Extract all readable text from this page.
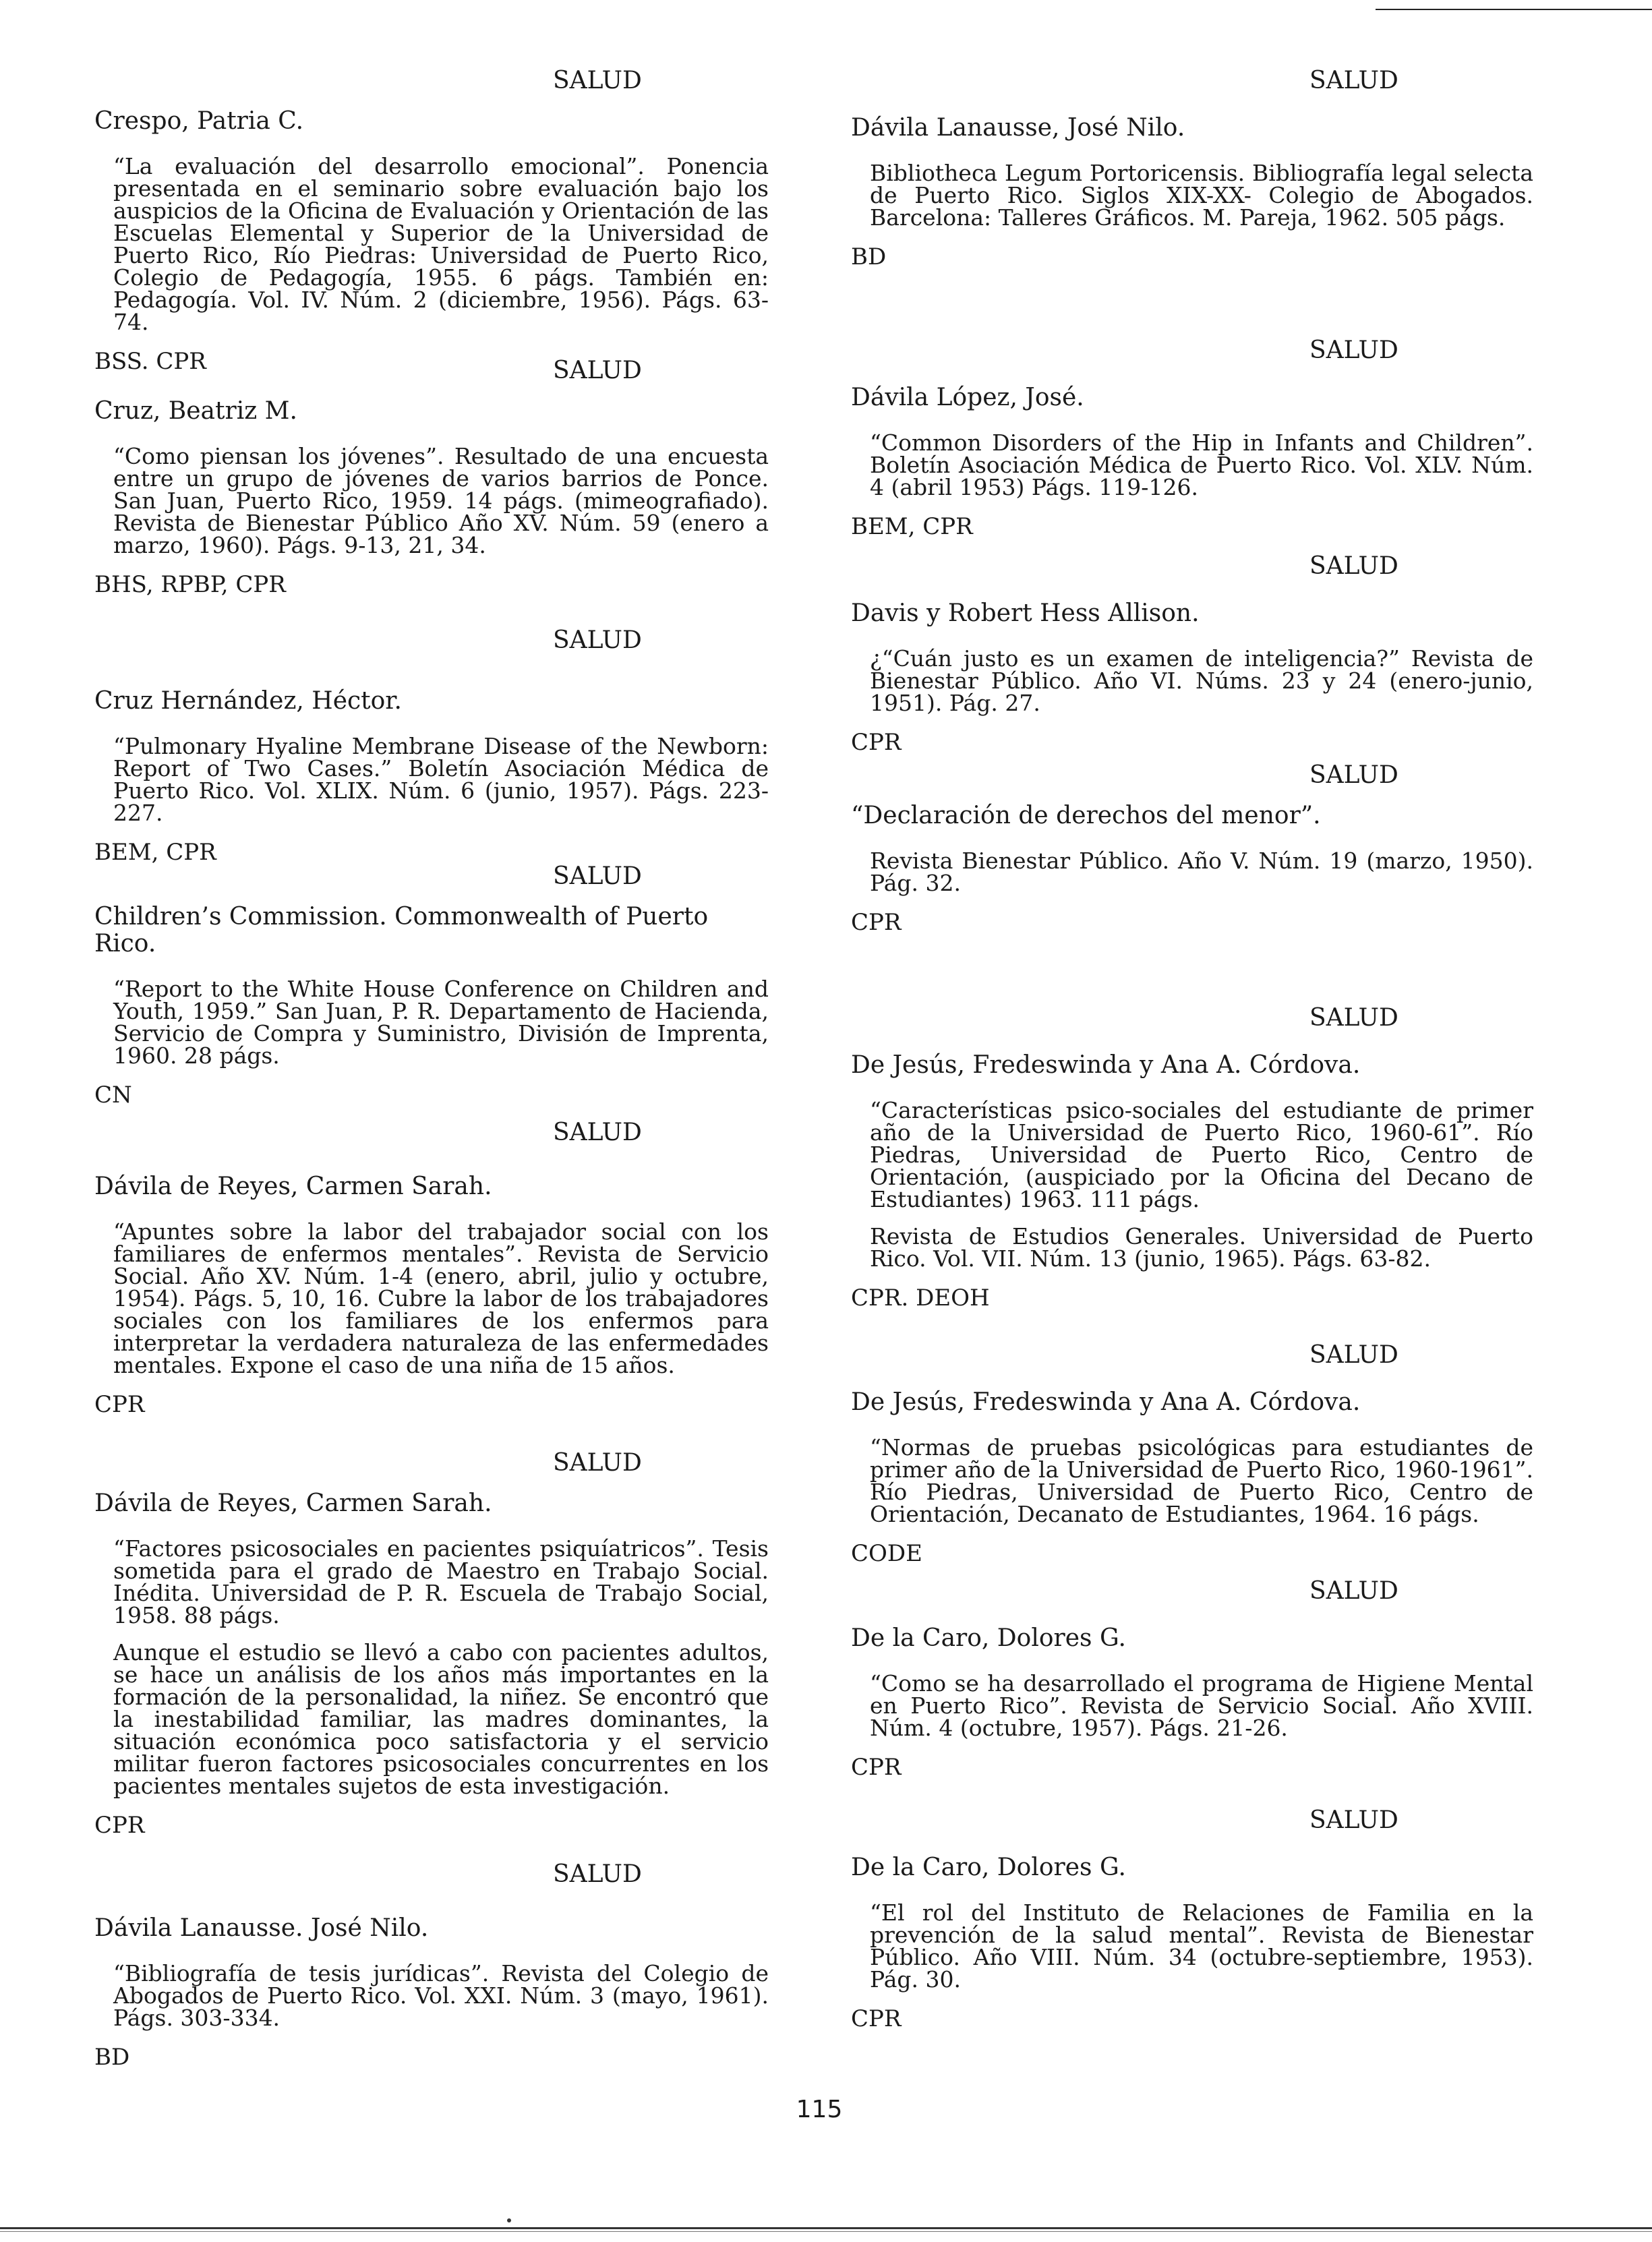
SALUD
Crespo, Patria C.
“La evaluación del desarrollo emocional”. Ponencia presentada en el seminario sobre evaluación bajo los auspicios de la Oficina de Evaluación y Orientación de las Escuelas Elemental y Superior de la Universidad de Puerto Rico, Río Piedras: Universidad de Puerto Rico, Colegio de Pedagogía, 1955. 6 págs. También en: Pedagogía. Vol. IV. Núm. 2 (diciembre, 1956). Págs. 63-74.
BSS. CPR	SALUD
Cruz, Beatriz M.
“Como piensan los jóvenes”. Resultado de una encuesta entre un grupo de jóvenes de varios barrios de Ponce. San Juan, Puerto Rico, 1959. 14 págs. (mimeografiado). Revista de Bienestar Público Año XV. Núm. 59 (enero a marzo, 1960). Págs. 9-13, 21, 34.
BHS, RPBP, CPR
SALUD
Cruz Hernández, Héctor.
“Pulmonary Hyaline Membrane Disease of the Newborn: Report of Two Cases.” Boletín Asociación Médica de Puerto Rico. Vol. XLIX. Núm. 6 (junio, 1957). Págs. 223-227.
BEM, CPR
SALUD
Children’s Commission. Commonwealth of Puerto Rico.
“Report to the White House Conference on Children and Youth, 1959.” San Juan, P. R. Departamento de Hacienda, Servicio de Compra y Suministro, División de Imprenta, 1960. 28 págs.
CN
SALUD
Dávila de Reyes, Carmen Sarah.
“Apuntes sobre la labor del trabajador social con los familiares de enfermos mentales”. Revista de Servicio Social. Año XV. Núm. 1-4 (enero, abril, julio y octubre, 1954). Págs. 5, 10, 16. Cubre la labor de los trabajadores sociales con los familiares de los enfermos para interpretar la verdadera naturaleza de las enfermedades mentales. Expone el caso de una niña de 15 años.
CPR
SALUD
Dávila de Reyes, Carmen Sarah.
“Factores psicosociales en pacientes psiquíatricos”. Tesis sometida para el grado de Maestro en Trabajo Social. Inédita. Universidad de P. R. Escuela de Trabajo Social, 1958. 88 págs.
Aunque el estudio se llevó a cabo con pacientes adultos, se hace un análisis de los años más importantes en la formación de la personalidad, la niñez. Se encontró que la inestabilidad familiar, las madres dominantes, la situación económica poco satisfactoria y el servicio militar fueron factores psicosociales concurrentes en los pacientes mentales sujetos de esta investigación.
CPR
SALUD
Dávila Lanausse. José Nilo.
“Bibliografía de tesis jurídicas”. Revista del Colegio de Abogados de Puerto Rico. Vol. XXI. Núm. 3 (mayo, 1961). Págs. 303-334.
BD
SALUD
Dávila Lanausse, José Nilo.
Bibliotheca Legum Portoricensis. Bibliografía legal selecta de Puerto Rico. Siglos XIX-XX- Colegio de Abogados. Barcelona: Talleres Gráficos. M. Pareja, 1962. 505 págs.
BD
SALUD
Dávila López, José.
“Common Disorders of the Hip in Infants and Children”. Boletín Asociación Médica de Puerto Rico. Vol. XLV. Núm. 4 (abril 1953) Págs. 119-126.
BEM, CPR
SALUD
Davis y Robert Hess Allison.
¿“Cuán justo es un examen de inteligencia?” Revista de Bienestar Público. Año VI. Núms. 23 y 24 (enero-junio, 1951). Pág. 27.
CPR
SALUD
“Declaración de derechos del menor”.
Revista Bienestar Público. Año V. Núm. 19 (marzo, 1950). Pág. 32.
CPR
SALUD
De Jesús, Fredeswinda y Ana A. Córdova.
“Características psico-sociales del estudiante de primer año de la Universidad de Puerto Rico, 1960-61”. Río Piedras, Universidad de Puerto Rico, Centro de Orientación, (auspiciado por la Oficina del Decano de Estudiantes) 1963. 111 págs.
Revista de Estudios Generales. Universidad de Puerto Rico. Vol. VII. Núm. 13 (junio, 1965). Págs. 63-82.
CPR. DEOH
SALUD
De Jesús, Fredeswinda y Ana A. Córdova.
“Normas de pruebas psicológicas para estudiantes de primer año de la Universidad de Puerto Rico, 1960-1961”. Río Piedras, Universidad de Puerto Rico, Centro de Orientación, Decanato de Estudiantes, 1964. 16 págs.
CODE
SALUD
De la Caro, Dolores G.
“Como se ha desarrollado el programa de Higiene Mental en Puerto Rico”. Revista de Servicio Social. Año XVIII. Núm. 4 (octubre, 1957). Págs. 21-26.
CPR
SALUD
De la Caro, Dolores G.
“El rol del Instituto de Relaciones de Familia en la prevención de la salud mental”. Revista de Bienestar Público. Año VIII. Núm. 34 (octubre-septiembre, 1953). Pág. 30.
CPR
115
